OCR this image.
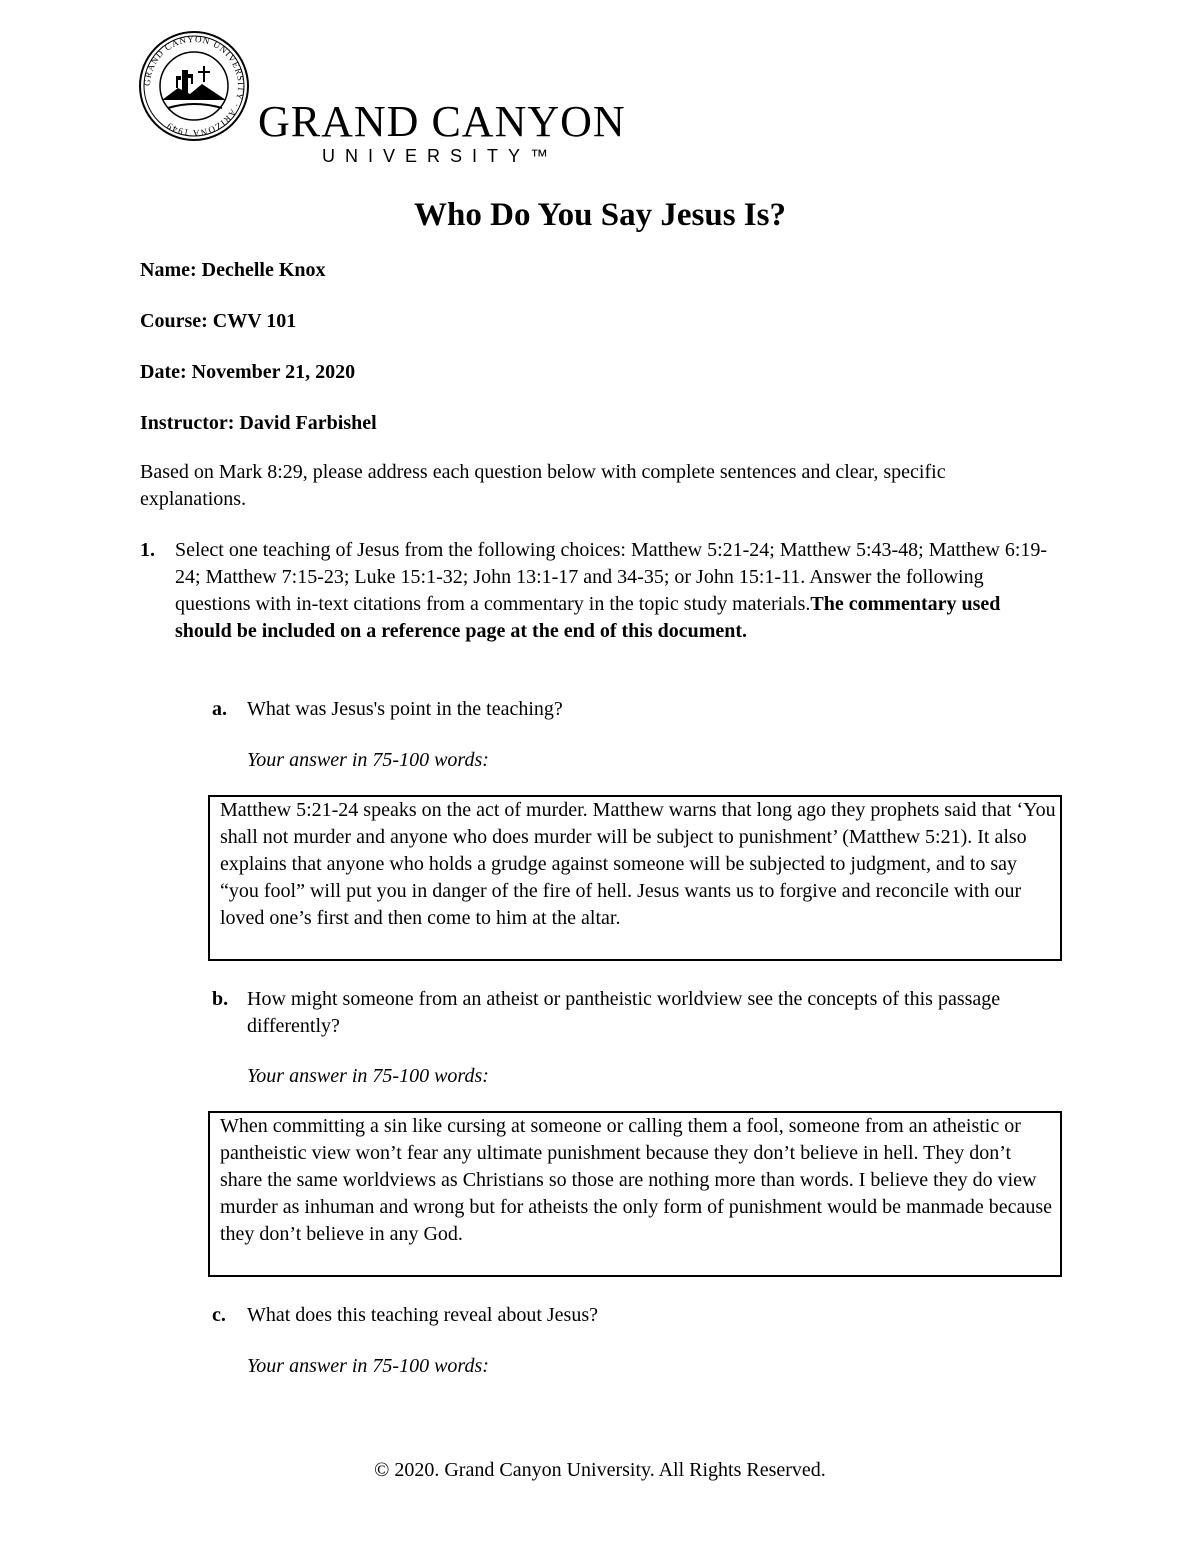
GRAND CANYON UNIVERSITY · ARIZONA 1949	GRAND CANYON
UNIVERSITY™
Who Do You Say Jesus Is?
Name: Dechelle Knox
Course: CWV 101
Date: November 21, 2020
Instructor: David Farbishel
Based on Mark 8:29, please address each question below with complete sentences and clear, specific explanations.
1. Select one teaching of Jesus from the following choices: Matthew 5:21-24; Matthew 5:43-48; Matthew 6:19-24; Matthew 7:15-23; Luke 15:1-32; John 13:1-17 and 34-35; or John 15:1-11. Answer the following questions with in-text citations from a commentary in the topic study materials.The commentary used should be included on a reference page at the end of this document.
a. What was Jesus's point in the teaching?
Your answer in 75-100 words:
Matthew 5:21-24 speaks on the act of murder. Matthew warns that long ago they prophets said that ‘You shall not murder and anyone who does murder will be subject to punishment’ (Matthew 5:21). It also explains that anyone who holds a grudge against someone will be subjected to judgment, and to say “you fool” will put you in danger of the fire of hell. Jesus wants us to forgive and reconcile with our loved one’s first and then come to him at the altar.
b. How might someone from an atheist or pantheistic worldview see the concepts of this passage differently?
Your answer in 75-100 words:
When committing a sin like cursing at someone or calling them a fool, someone from an atheistic or pantheistic view won’t fear any ultimate punishment because they don’t believe in hell. They don’t share the same worldviews as Christians so those are nothing more than words. I believe they do view murder as inhuman and wrong but for atheists the only form of punishment would be manmade because they don’t believe in any God.
c. What does this teaching reveal about Jesus?
Your answer in 75-100 words:
© 2020. Grand Canyon University. All Rights Reserved.
